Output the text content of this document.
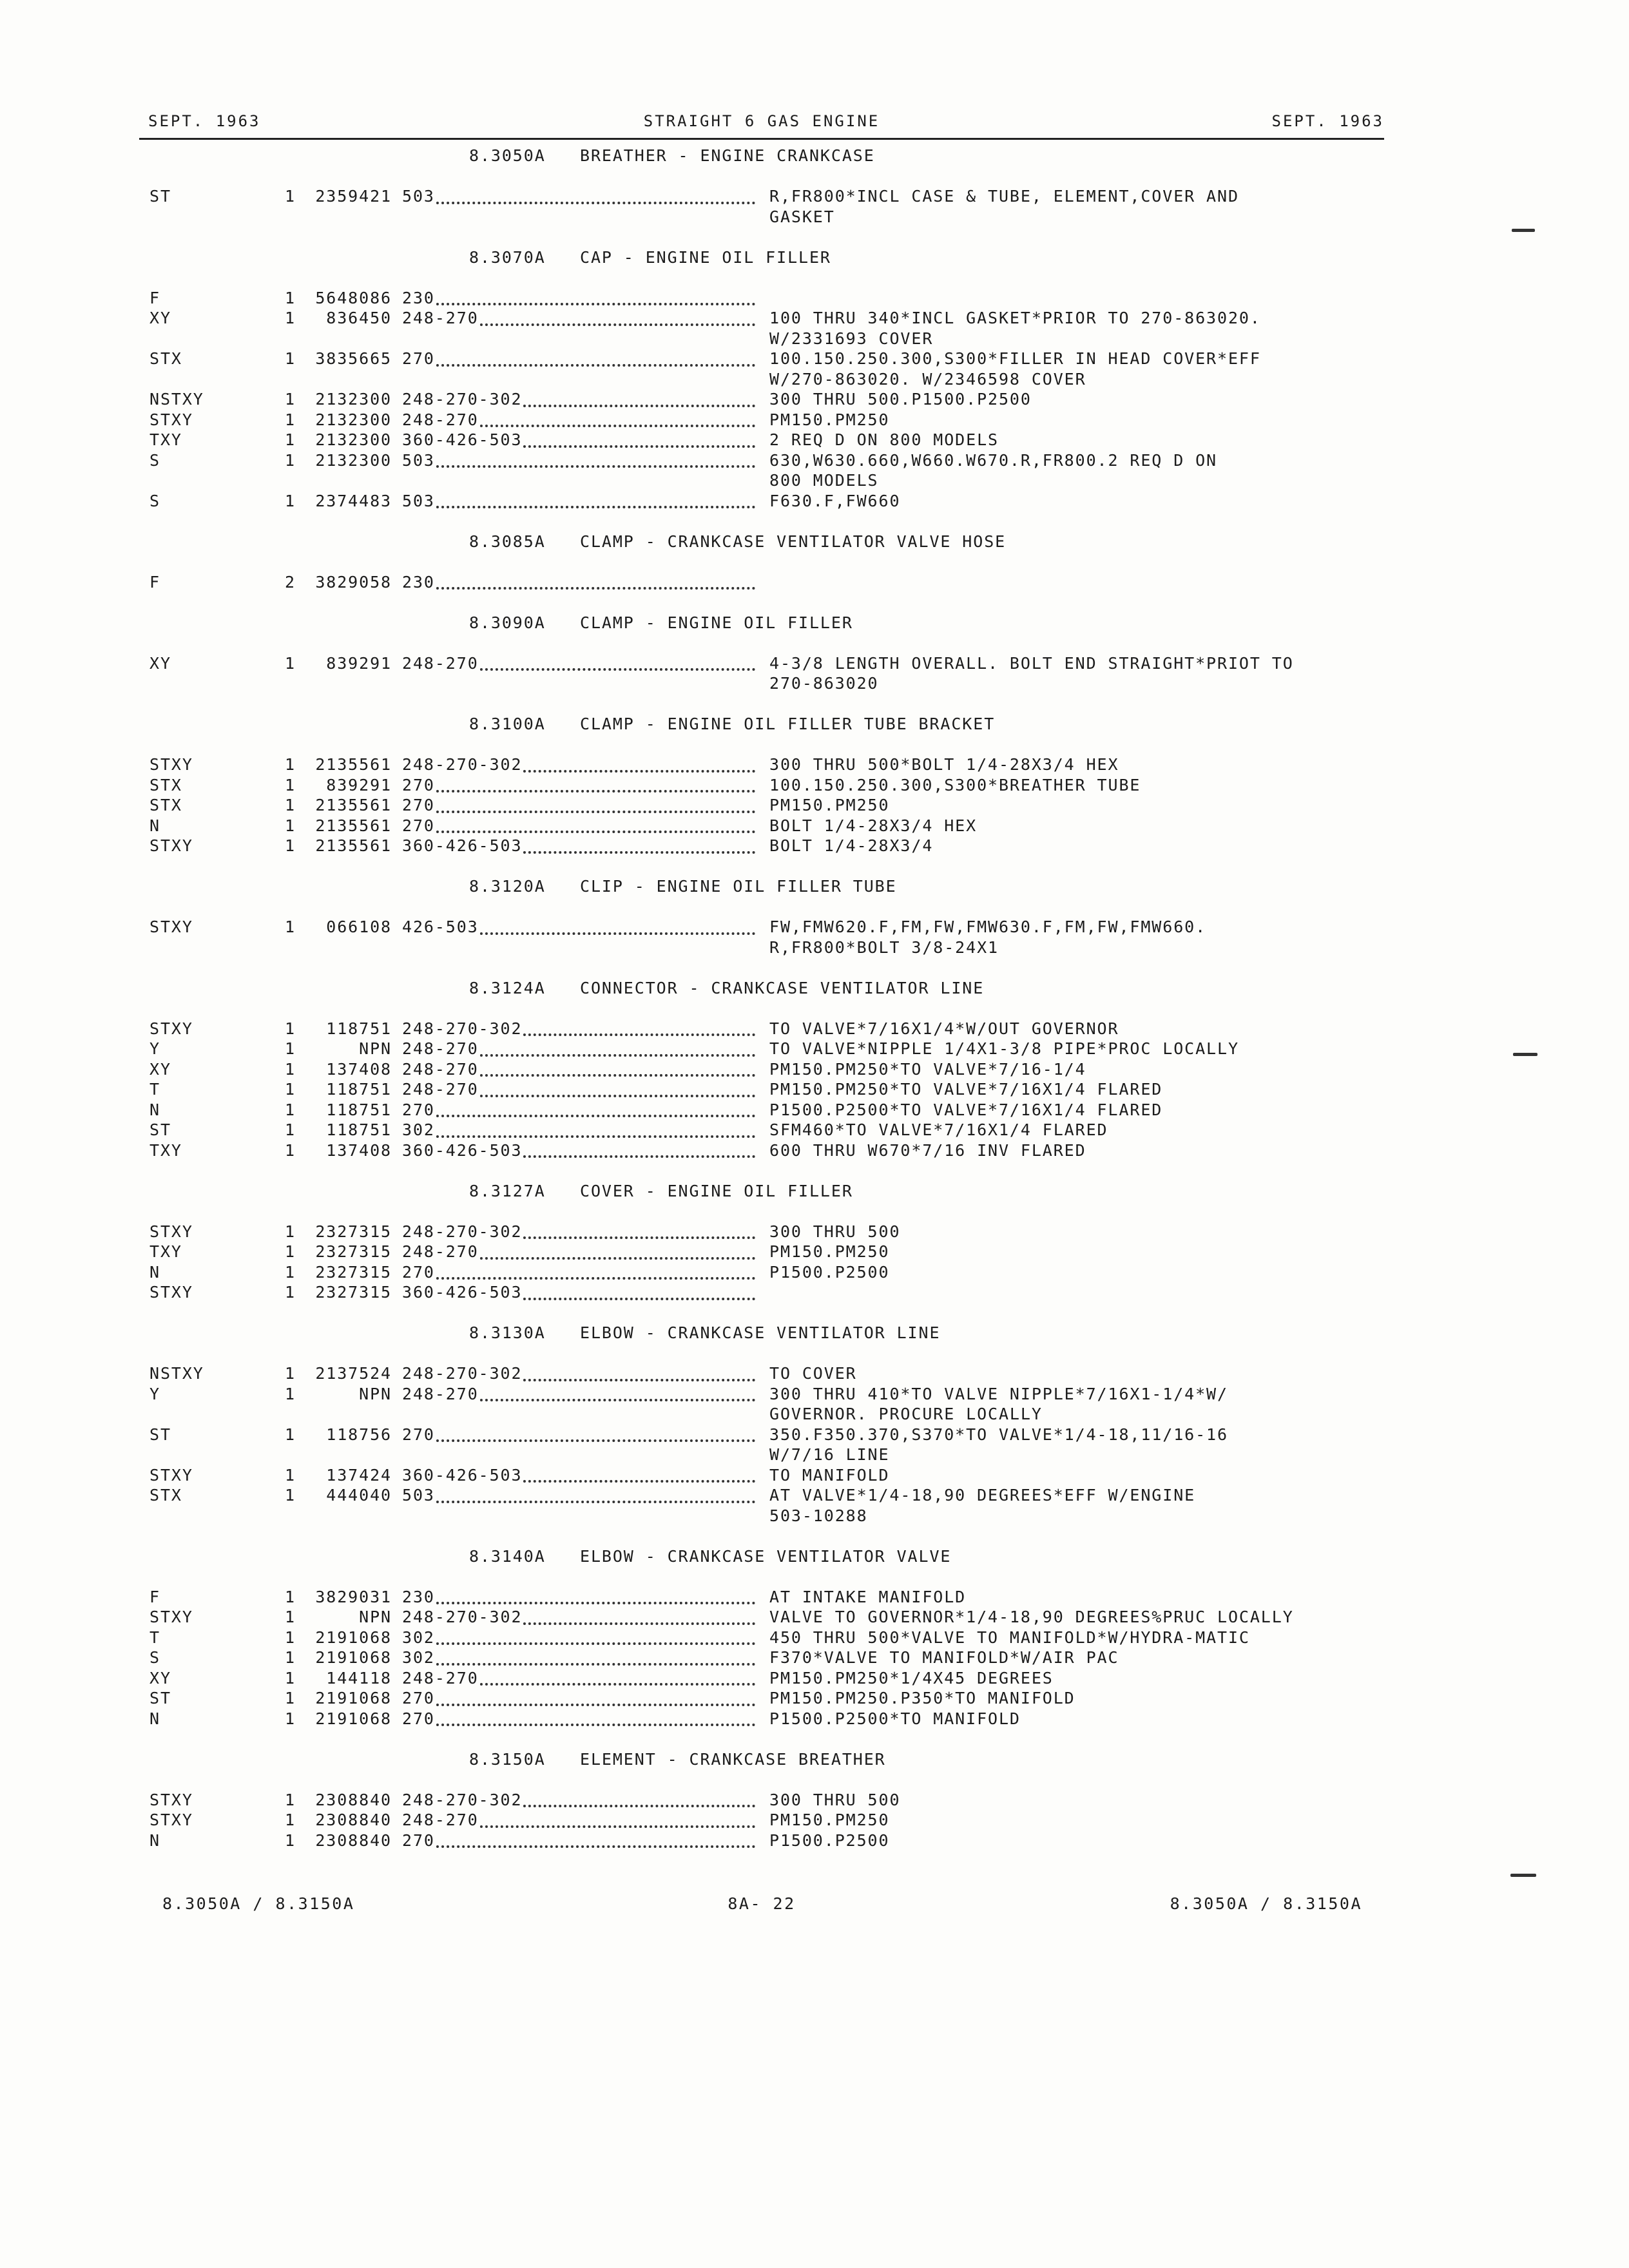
SEPT. 1963	STRAIGHT 6 GAS ENGINE	SEPT. 1963
8.3050A BREATHER - ENGINE CRANKCASE
ST	1	2359421 503	R,FR800*INCL CASE & TUBE, ELEMENT,COVER AND
GASKET
8.3070A CAP - ENGINE OIL FILLER
F	1	5648086 230
XY	1	836450 248-270	100 THRU 340*INCL GASKET*PRIOR TO 270-863020.
W/2331693 COVER
STX	1	3835665 270	100.150.250.300,S300*FILLER IN HEAD COVER*EFF
W/270-863020. W/2346598 COVER
NSTXY	1	2132300 248-270-302	300 THRU 500.P1500.P2500
STXY	1	2132300 248-270	PM150.PM250
TXY	1	2132300 360-426-503	2 REQ D ON 800 MODELS
S	1	2132300 503	630,W630.660,W660.W670.R,FR800.2 REQ D ON
800 MODELS
S	1	2374483 503	F630.F,FW660
8.3085A CLAMP - CRANKCASE VENTILATOR VALVE HOSE
F	2	3829058 230
8.3090A CLAMP - ENGINE OIL FILLER
XY	1	839291 248-270	4-3/8 LENGTH OVERALL. BOLT END STRAIGHT*PRIOT TO
270-863020
8.3100A CLAMP - ENGINE OIL FILLER TUBE BRACKET
STXY	1	2135561 248-270-302	300 THRU 500*BOLT 1/4-28X3/4 HEX
STX	1	839291 270	100.150.250.300,S300*BREATHER TUBE
STX	1	2135561 270	PM150.PM250
N	1	2135561 270	BOLT 1/4-28X3/4 HEX
STXY	1	2135561 360-426-503	BOLT 1/4-28X3/4
8.3120A CLIP - ENGINE OIL FILLER TUBE
STXY	1	066108 426-503	FW,FMW620.F,FM,FW,FMW630.F,FM,FW,FMW660.
R,FR800*BOLT 3/8-24X1
8.3124A CONNECTOR - CRANKCASE VENTILATOR LINE
STXY	1	118751 248-270-302	TO VALVE*7/16X1/4*W/OUT GOVERNOR
Y	1	NPN 248-270	TO VALVE*NIPPLE 1/4X1-3/8 PIPE*PROC LOCALLY
XY	1	137408 248-270	PM150.PM250*TO VALVE*7/16-1/4
T	1	118751 248-270	PM150.PM250*TO VALVE*7/16X1/4 FLARED
N	1	118751 270	P1500.P2500*TO VALVE*7/16X1/4 FLARED
ST	1	118751 302	SFM460*TO VALVE*7/16X1/4 FLARED
TXY	1	137408 360-426-503	600 THRU W670*7/16 INV FLARED
8.3127A COVER - ENGINE OIL FILLER
STXY	1	2327315 248-270-302	300 THRU 500
TXY	1	2327315 248-270	PM150.PM250
N	1	2327315 270	P1500.P2500
STXY	1	2327315 360-426-503
8.3130A ELBOW - CRANKCASE VENTILATOR LINE
NSTXY	1	2137524 248-270-302	TO COVER
Y	1	NPN 248-270	300 THRU 410*TO VALVE NIPPLE*7/16X1-1/4*W/
GOVERNOR. PROCURE LOCALLY
ST	1	118756 270	350.F350.370,S370*TO VALVE*1/4-18,11/16-16
W/7/16 LINE
STXY	1	137424 360-426-503	TO MANIFOLD
STX	1	444040 503	AT VALVE*1/4-18,90 DEGREES*EFF W/ENGINE
503-10288
8.3140A ELBOW - CRANKCASE VENTILATOR VALVE
F	1	3829031 230	AT INTAKE MANIFOLD
STXY	1	NPN 248-270-302	VALVE TO GOVERNOR*1/4-18,90 DEGREES%PRUC LOCALLY
T	1	2191068 302	450 THRU 500*VALVE TO MANIFOLD*W/HYDRA-MATIC
S	1	2191068 302	F370*VALVE TO MANIFOLD*W/AIR PAC
XY	1	144118 248-270	PM150.PM250*1/4X45 DEGREES
ST	1	2191068 270	PM150.PM250.P350*TO MANIFOLD
N	1	2191068 270	P1500.P2500*TO MANIFOLD
8.3150A ELEMENT - CRANKCASE BREATHER
STXY	1	2308840 248-270-302	300 THRU 500
STXY	1	2308840 248-270	PM150.PM250
N	1	2308840 270	P1500.P2500
8.3050A / 8.3150A	8A- 22	8.3050A / 8.3150A
